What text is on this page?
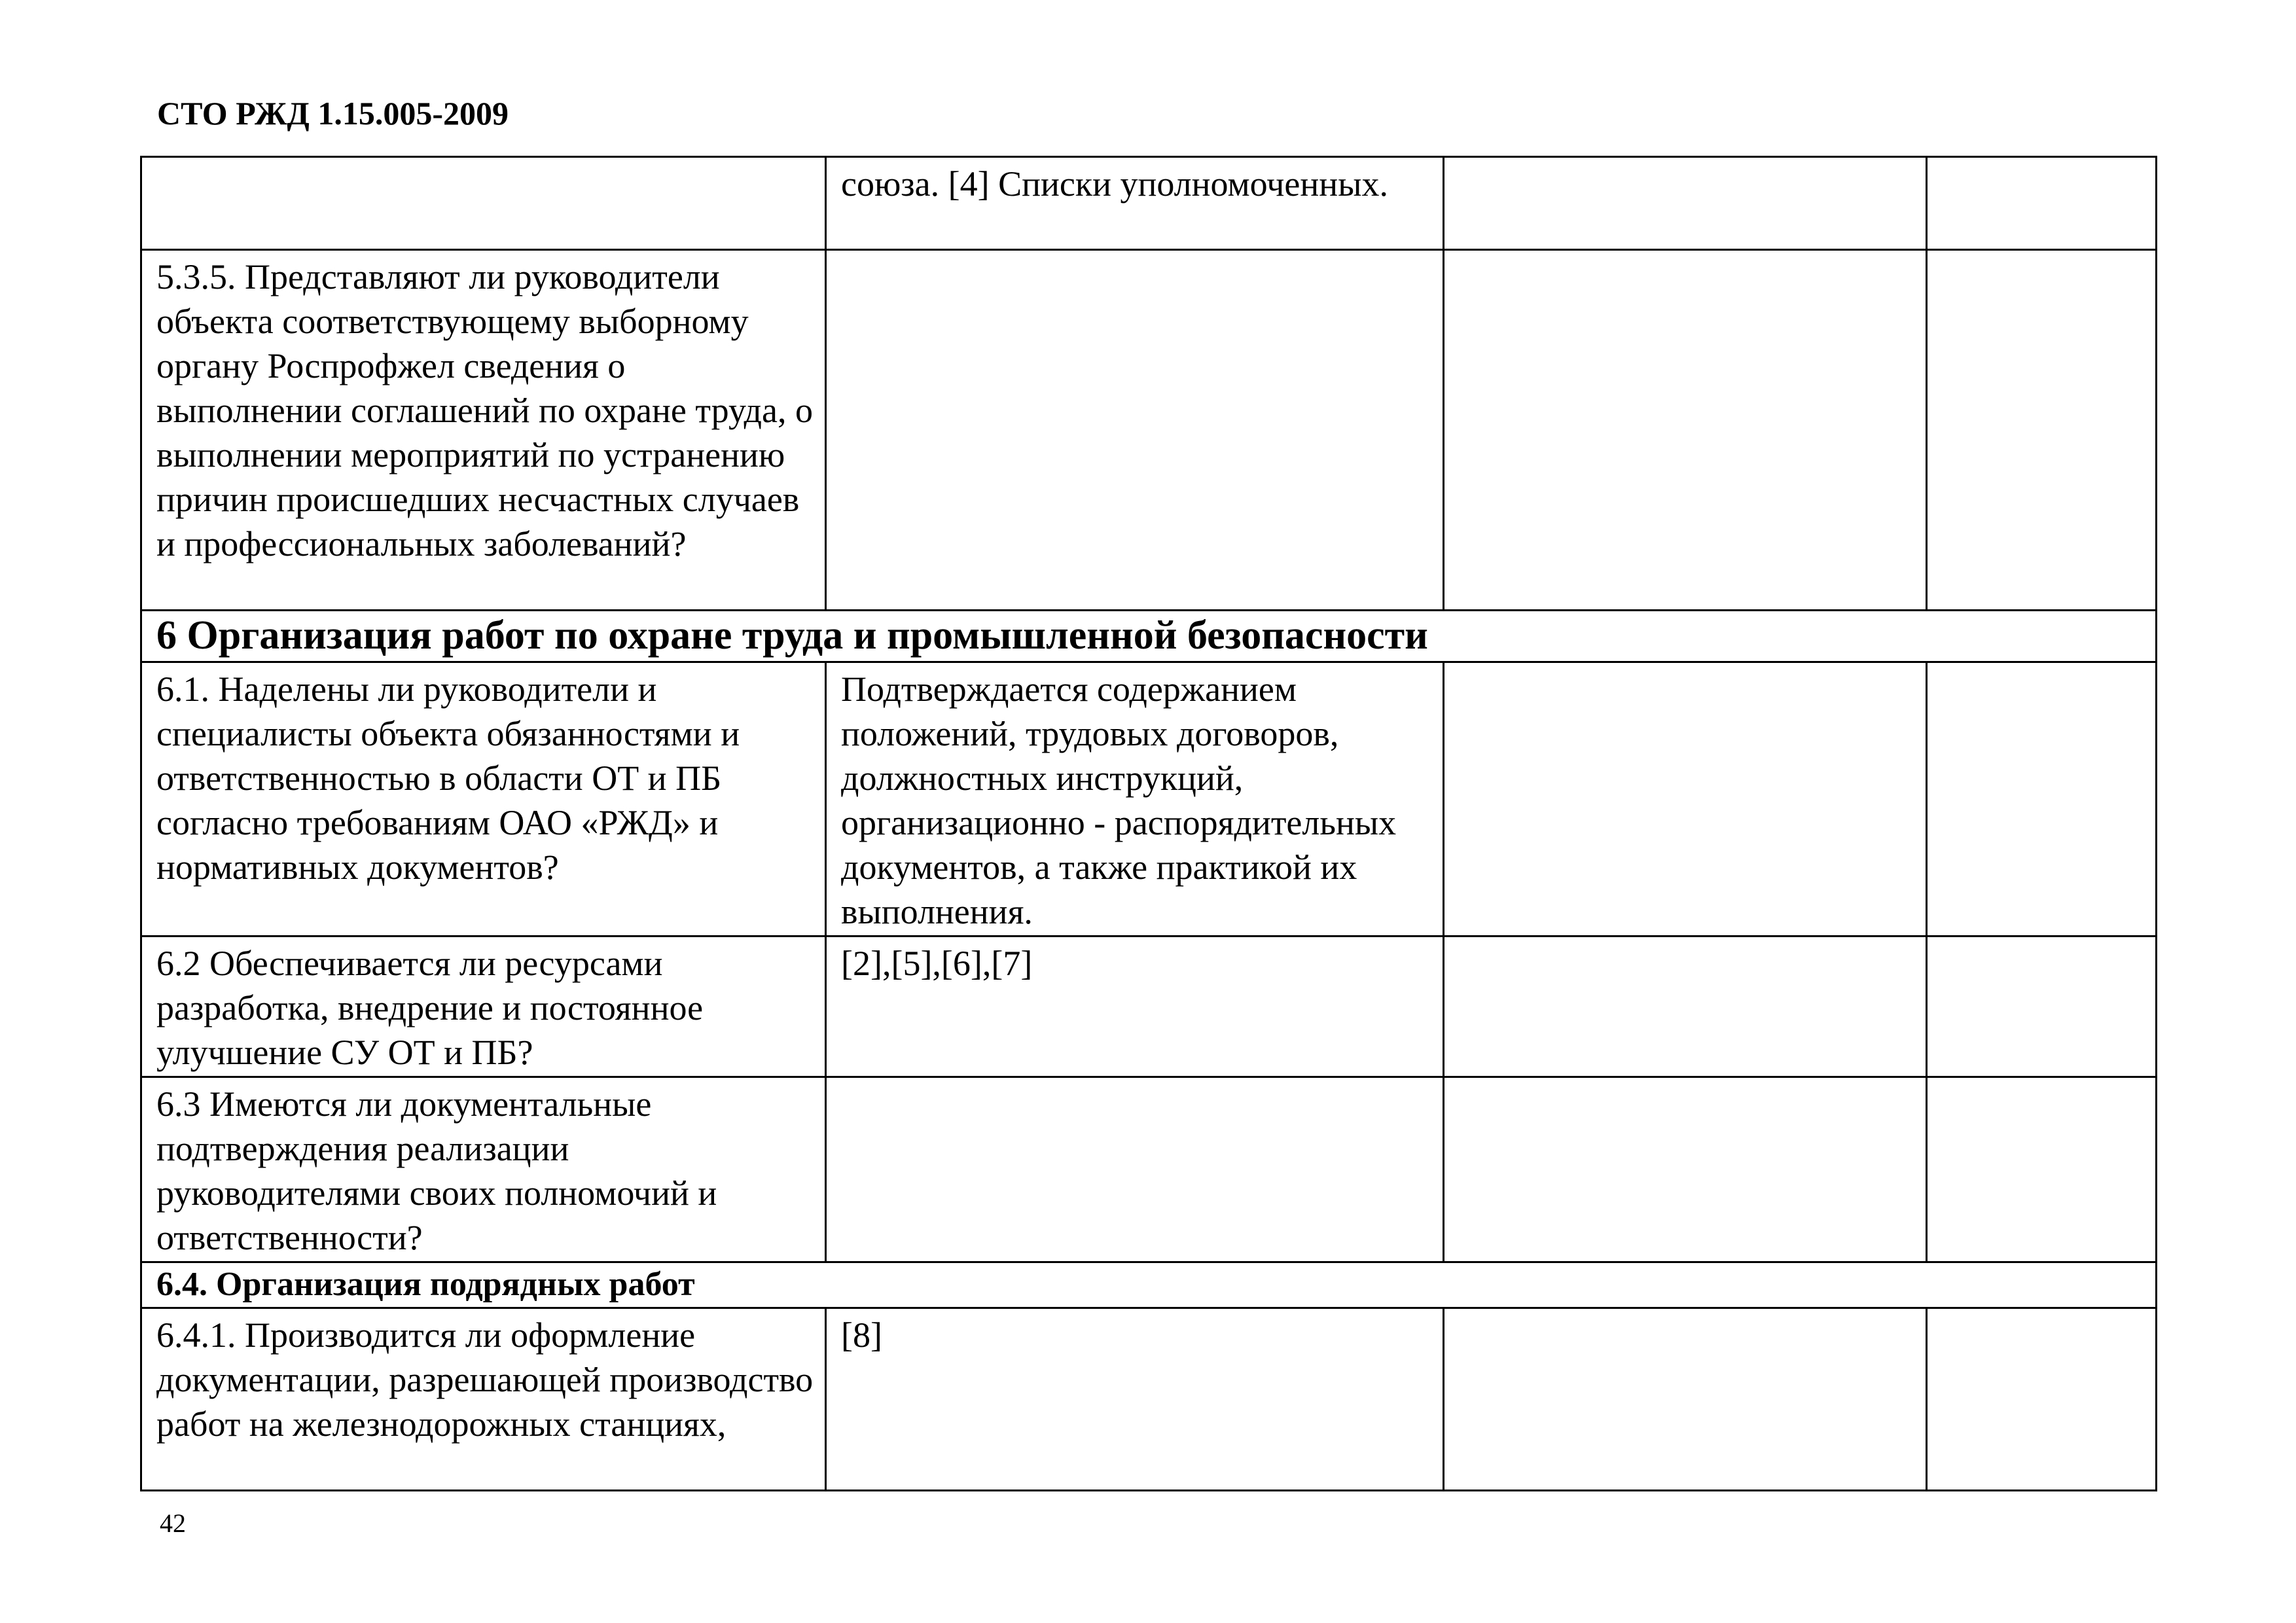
СТО РЖД 1.15.005-2009

	союза. [4] Списки уполномоченных.		

5.3.5. Представляют ли руководители объекта соответствующему выборному органу Роспрофжел сведения о выполнении соглашений по охране труда, о выполнении мероприятий по устранению причин происшедших несчастных случаев и профессиональных заболеваний?			

6 Организация работ по охране труда и промышленной безопасности			

6.1. Наделены ли руководители и специалисты объекта обязанностями и ответственностью в области ОТ и ПБ согласно требованиям ОАО «РЖД» и нормативных документов?	Подтверждается содержанием положений, трудовых договоров, должностных инструкций, организационно - распорядительных документов, а также практикой их выполнения.		

6.2 Обеспечивается ли ресурсами разработка, внедрение и постоянное улучшение СУ ОТ и ПБ?	[2],[5],[6],[7]		

6.3 Имеются ли документальные подтверждения реализации руководителями своих полномочий и ответственности?			

6.4. Организация подрядных работ			

6.4.1. Производится ли оформление документации, разрешающей производство работ на железнодорожных станциях,	[8]		

42
